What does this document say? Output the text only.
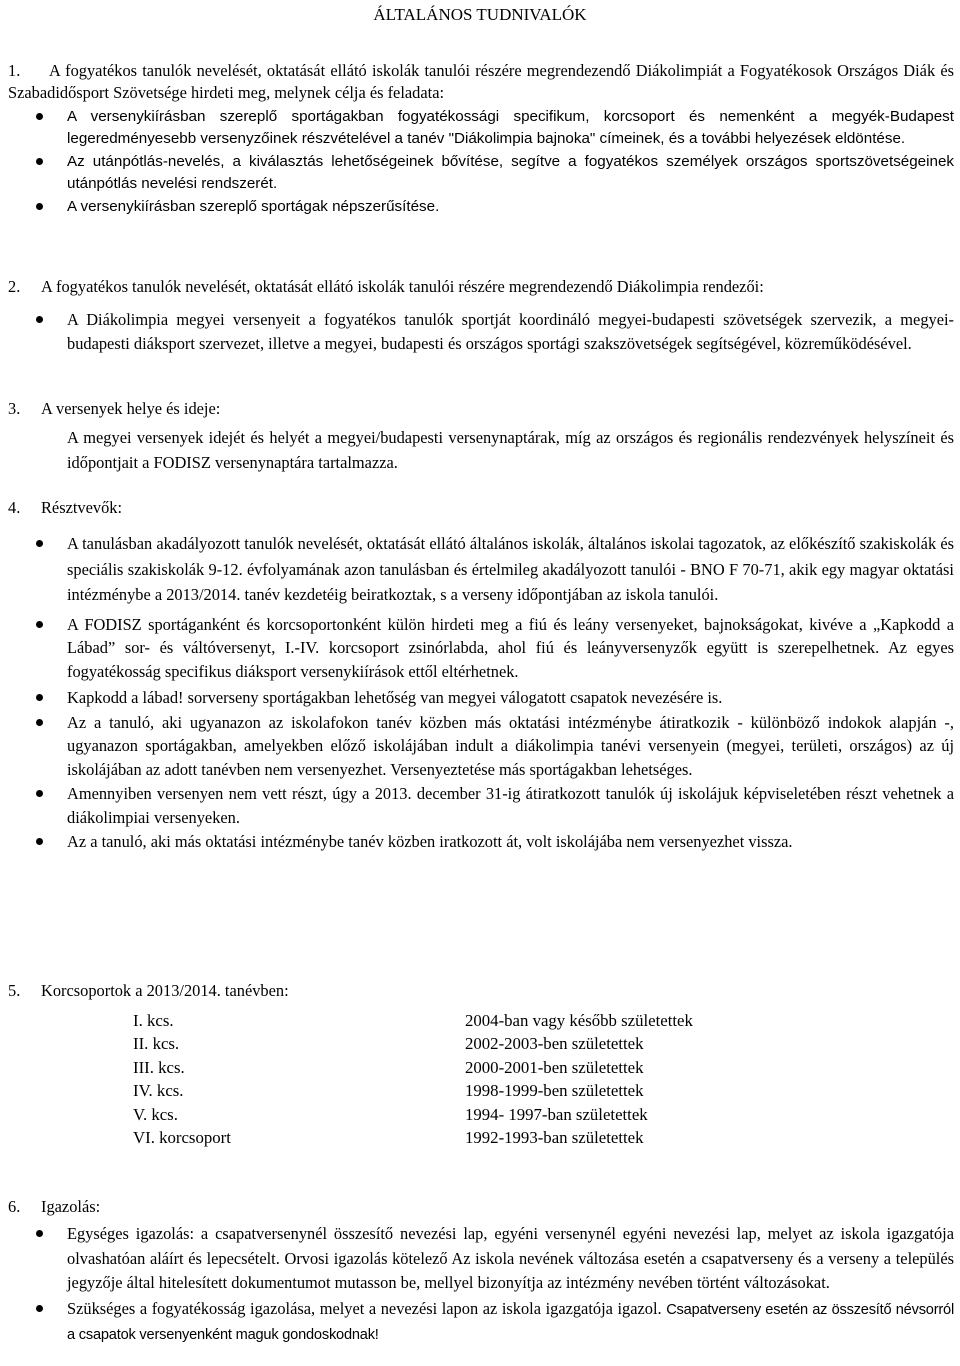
ÁLTALÁNOS TUDNIVALÓK
1.	A fogyatékos tanulók nevelését, oktatását ellátó iskolák tanulói részére megrendezendő Diákolimpiát a Fogyatékosok Országos Diák és Szabadidősport Szövetsége hirdeti meg, melynek célja és feladata:
A versenykiírásban szereplő sportágakban fogyatékossági specifikum, korcsoport és nemenként a megyék-Budapest legeredményesebb versenyzőinek részvételével a tanév "Diákolimpia bajnoka" címeinek, és a további helyezések eldöntése.
Az utánpótlás-nevelés, a kiválasztás lehetőségeinek bővítése, segítve a fogyatékos személyek országos sportszövetségeinek utánpótlás nevelési rendszerét.
A versenykiírásban szereplő sportágak népszerűsítése.
2. A fogyatékos tanulók nevelését, oktatását ellátó iskolák tanulói részére megrendezendő Diákolimpia rendezői:
A Diákolimpia megyei versenyeit a fogyatékos tanulók sportját koordináló megyei-budapesti szövetségek szervezik, a megyei-budapesti diáksport szervezet, illetve a megyei, budapesti és országos sportági szakszövetségek segítségével, közreműködésével.
3. A versenyek helye és ideje:
A megyei versenyek idejét és helyét a megyei/budapesti versenynaptárak, míg az országos és regionális rendezvények helyszíneit és időpontjait a FODISZ versenynaptára tartalmazza.
4. Résztvevők:
A tanulásban akadályozott tanulók nevelését, oktatását ellátó általános iskolák, általános iskolai tagozatok, az előkészítő szakiskolák és speciális szakiskolák 9-12. évfolyamának azon tanulásban és értelmileg akadályozott tanulói - BNO F 70-71, akik egy magyar oktatási intézménybe a 2013/2014. tanév kezdetéig beiratkoztak, s a verseny időpontjában az iskola tanulói.
A FODISZ sportáganként és korcsoportonként külön hirdeti meg a fiú és leány versenyeket, bajnokságokat, kivéve a „Kapkodd a Lábad” sor- és váltóversenyt, I.-IV. korcsoport zsinórlabda, ahol fiú és leányversenyzők együtt is szerepelhetnek. Az egyes fogyatékosság specifikus diáksport versenykiírások ettől eltérhetnek.
Kapkodd a lábad! sorverseny sportágakban lehetőség van megyei válogatott csapatok nevezésére is.
Az a tanuló, aki ugyanazon az iskolafokon tanév közben más oktatási intézménybe átiratkozik - különböző indokok alapján -, ugyanazon sportágakban, amelyekben előző iskolájában indult a diákolimpia tanévi versenyein (megyei, területi, országos) az új iskolájában az adott tanévben nem versenyezhet. Versenyeztetése más sportágakban lehetséges.
Amennyiben versenyen nem vett részt, úgy a 2013. december 31-ig átiratkozott tanulók új iskolájuk képviseletében részt vehetnek a diákolimpiai versenyeken.
Az a tanuló, aki más oktatási intézménybe tanév közben iratkozott át, volt iskolájába nem versenyezhet vissza.
5. Korcsoportok a 2013/2014. tanévben:
I. kcs.	2004-ban vagy később születettek
II. kcs.	2002-2003-ben születettek
III. kcs.	2000-2001-ben születettek
IV. kcs.	1998-1999-ben születettek
V. kcs.	1994- 1997-ban születettek
VI. korcsoport	1992-1993-ban születettek
6. Igazolás:
Egységes igazolás: a csapatversenynél összesítő nevezési lap, egyéni versenynél egyéni nevezési lap, melyet az iskola igazgatója olvashatóan aláírt és lepecsételt. Orvosi igazolás kötelező Az iskola nevének változása esetén a csapatverseny és a verseny a település jegyzője által hitelesített dokumentumot mutasson be, mellyel bizonyítja az intézmény nevében történt változásokat.
Szükséges a fogyatékosság igazolása, melyet a nevezési lapon az iskola igazgatója igazol. Csapatverseny esetén az összesítő névsorról a csapatok versenyenként maguk gondoskodnak!
